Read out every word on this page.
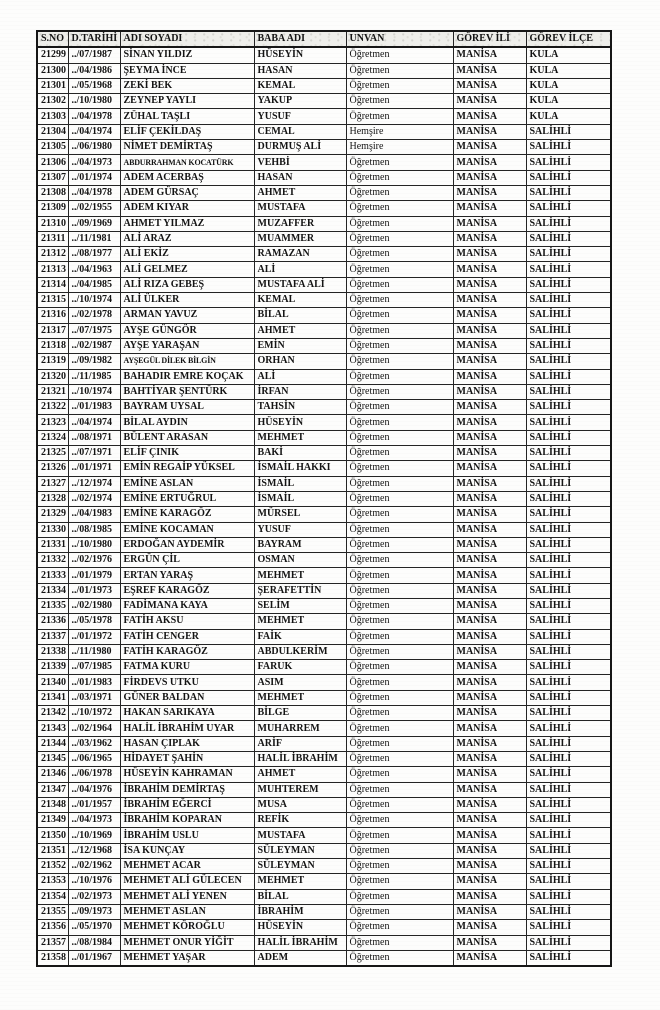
S.NO	D.TARİHİ	ADI SOYADI	BABA ADI	UNVAN	GÖREV İLİ	GÖREV İLÇE
21299	../07/1987	SİNAN YILDIZ	HÜSEYİN	Öğretmen	MANİSA	KULA
21300	../04/1986	ŞEYMA İNCE	HASAN	Öğretmen	MANİSA	KULA
21301	../05/1968	ZEKİ BEK	KEMAL	Öğretmen	MANİSA	KULA
21302	../10/1980	ZEYNEP YAYLI	YAKUP	Öğretmen	MANİSA	KULA
21303	../04/1978	ZÜHAL TAŞLI	YUSUF	Öğretmen	MANİSA	KULA
21304	../04/1974	ELİF ÇEKİLDAŞ	CEMAL	Hemşire	MANİSA	SALİHLİ
21305	../06/1980	NİMET DEMİRTAŞ	DURMUŞ ALİ	Hemşire	MANİSA	SALİHLİ
21306	../04/1973	ABDURRAHMAN KOCATÜRK	VEHBİ	Öğretmen	MANİSA	SALİHLİ
21307	../01/1974	ADEM ACERBAŞ	HASAN	Öğretmen	MANİSA	SALİHLİ
21308	../04/1978	ADEM GÜRSAÇ	AHMET	Öğretmen	MANİSA	SALİHLİ
21309	../02/1955	ADEM KIYAR	MUSTAFA	Öğretmen	MANİSA	SALİHLİ
21310	../09/1969	AHMET YILMAZ	MUZAFFER	Öğretmen	MANİSA	SALİHLİ
21311	../11/1981	ALİ ARAZ	MUAMMER	Öğretmen	MANİSA	SALİHLİ
21312	../08/1977	ALİ EKİZ	RAMAZAN	Öğretmen	MANİSA	SALİHLİ
21313	../04/1963	ALİ GELMEZ	ALİ	Öğretmen	MANİSA	SALİHLİ
21314	../04/1985	ALİ RIZA GEBEŞ	MUSTAFA ALİ	Öğretmen	MANİSA	SALİHLİ
21315	../10/1974	ALİ ÜLKER	KEMAL	Öğretmen	MANİSA	SALİHLİ
21316	../02/1978	ARMAN YAVUZ	BİLAL	Öğretmen	MANİSA	SALİHLİ
21317	../07/1975	AYŞE GÜNGÖR	AHMET	Öğretmen	MANİSA	SALİHLİ
21318	../02/1987	AYŞE YARAŞAN	EMİN	Öğretmen	MANİSA	SALİHLİ
21319	../09/1982	AYŞEGÜL DİLEK BİLGİN	ORHAN	Öğretmen	MANİSA	SALİHLİ
21320	../11/1985	BAHADIR EMRE KOÇAK	ALİ	Öğretmen	MANİSA	SALİHLİ
21321	../10/1974	BAHTİYAR ŞENTÜRK	İRFAN	Öğretmen	MANİSA	SALİHLİ
21322	../01/1983	BAYRAM UYSAL	TAHSİN	Öğretmen	MANİSA	SALİHLİ
21323	../04/1974	BİLAL AYDIN	HÜSEYİN	Öğretmen	MANİSA	SALİHLİ
21324	../08/1971	BÜLENT ARASAN	MEHMET	Öğretmen	MANİSA	SALİHLİ
21325	../07/1971	ELİF ÇINIK	BAKİ	Öğretmen	MANİSA	SALİHLİ
21326	../01/1971	EMİN REGAİP YÜKSEL	İSMAİL HAKKI	Öğretmen	MANİSA	SALİHLİ
21327	../12/1974	EMİNE ASLAN	İSMAİL	Öğretmen	MANİSA	SALİHLİ
21328	../02/1974	EMİNE ERTUĞRUL	İSMAİL	Öğretmen	MANİSA	SALİHLİ
21329	../04/1983	EMİNE KARAGÖZ	MÜRSEL	Öğretmen	MANİSA	SALİHLİ
21330	../08/1985	EMİNE KOCAMAN	YUSUF	Öğretmen	MANİSA	SALİHLİ
21331	../10/1980	ERDOĞAN AYDEMİR	BAYRAM	Öğretmen	MANİSA	SALİHLİ
21332	../02/1976	ERGÜN ÇİL	OSMAN	Öğretmen	MANİSA	SALİHLİ
21333	../01/1979	ERTAN YARAŞ	MEHMET	Öğretmen	MANİSA	SALİHLİ
21334	../01/1973	EŞREF KARAGÖZ	ŞERAFETTİN	Öğretmen	MANİSA	SALİHLİ
21335	../02/1980	FADİMANA KAYA	SELİM	Öğretmen	MANİSA	SALİHLİ
21336	../05/1978	FATİH AKSU	MEHMET	Öğretmen	MANİSA	SALİHLİ
21337	../01/1972	FATİH CENGER	FAİK	Öğretmen	MANİSA	SALİHLİ
21338	../11/1980	FATİH KARAGÖZ	ABDULKERİM	Öğretmen	MANİSA	SALİHLİ
21339	../07/1985	FATMA KURU	FARUK	Öğretmen	MANİSA	SALİHLİ
21340	../01/1983	FİRDEVS UTKU	ASIM	Öğretmen	MANİSA	SALİHLİ
21341	../03/1971	GÜNER BALDAN	MEHMET	Öğretmen	MANİSA	SALİHLİ
21342	../10/1972	HAKAN SARIKAYA	BİLGE	Öğretmen	MANİSA	SALİHLİ
21343	../02/1964	HALİL İBRAHİM UYAR	MUHARREM	Öğretmen	MANİSA	SALİHLİ
21344	../03/1962	HASAN ÇIPLAK	ARİF	Öğretmen	MANİSA	SALİHLİ
21345	../06/1965	HİDAYET ŞAHİN	HALİL İBRAHİM	Öğretmen	MANİSA	SALİHLİ
21346	../06/1978	HÜSEYİN KAHRAMAN	AHMET	Öğretmen	MANİSA	SALİHLİ
21347	../04/1976	İBRAHİM DEMİRTAŞ	MUHTEREM	Öğretmen	MANİSA	SALİHLİ
21348	../01/1957	İBRAHİM EĞERCİ	MUSA	Öğretmen	MANİSA	SALİHLİ
21349	../04/1973	İBRAHİM KOPARAN	REFİK	Öğretmen	MANİSA	SALİHLİ
21350	../10/1969	İBRAHİM USLU	MUSTAFA	Öğretmen	MANİSA	SALİHLİ
21351	../12/1968	İSA KUNÇAY	SÜLEYMAN	Öğretmen	MANİSA	SALİHLİ
21352	../02/1962	MEHMET ACAR	SÜLEYMAN	Öğretmen	MANİSA	SALİHLİ
21353	../10/1976	MEHMET ALİ GÜLECEN	MEHMET	Öğretmen	MANİSA	SALİHLİ
21354	../02/1973	MEHMET ALİ YENEN	BİLAL	Öğretmen	MANİSA	SALİHLİ
21355	../09/1973	MEHMET ASLAN	İBRAHİM	Öğretmen	MANİSA	SALİHLİ
21356	../05/1970	MEHMET KÖROĞLU	HÜSEYİN	Öğretmen	MANİSA	SALİHLİ
21357	../08/1984	MEHMET ONUR YİĞİT	HALİL İBRAHİM	Öğretmen	MANİSA	SALİHLİ
21358	../01/1967	MEHMET YAŞAR	ADEM	Öğretmen	MANİSA	SALİHLİ
